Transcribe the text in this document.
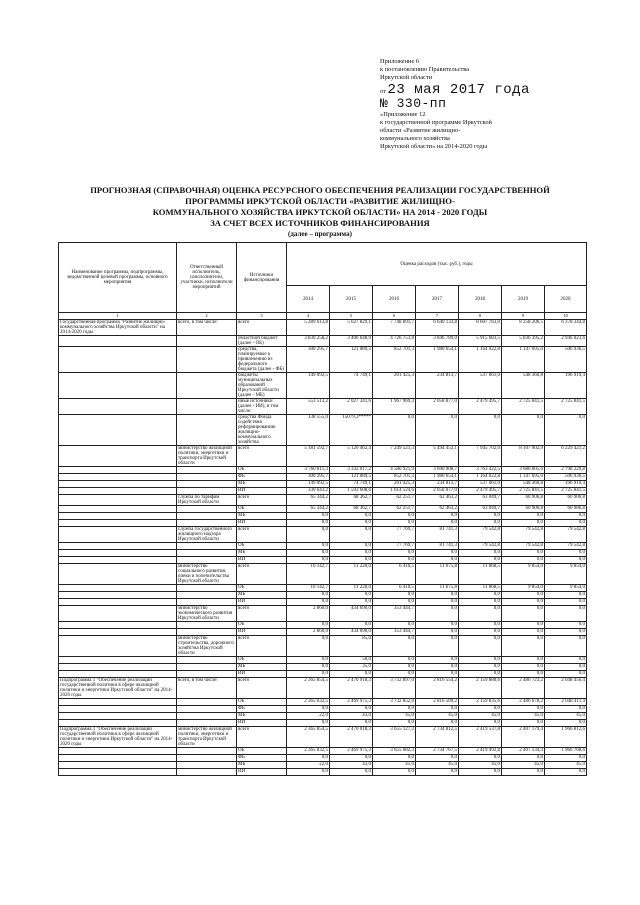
Приложение 6
к постановлению Правительства
Иркутской области
от 23 мая 2017 года
№ 330-пп
«Приложение 12
к государственной программе Иркутской
области «Развитие жилищно-
коммунального хозяйства
Иркутской области» на 2014-2020 годы
ПРОГНОЗНАЯ (СПРАВОЧНАЯ) ОЦЕНКА РЕСУРСНОГО ОБЕСПЕЧЕНИЯ РЕАЛИЗАЦИИ ГОСУДАРСТВЕННОЙ
ПРОГРАММЫ ИРКУТСКОЙ ОБЛАСТИ «РАЗВИТИЕ ЖИЛИЩНО-
КОММУНАЛЬНОГО ХОЗЯЙСТВА ИРКУТСКОЙ ОБЛАСТИ» НА 2014 - 2020 ГОДЫ
ЗА СЧЕТ ВСЕХ ИСТОЧНИКОВ ФИНАНСИРОВАНИЯ
(далее – программа)
Наименование программы, подпрограммы, ведомственной целевой программы, основного мероприятия	Ответственный исполнитель, соисполнители, участники, исполнители мероприятий	Источники финансирования	Оценка расходов (тыс. руб.), годы						
			2014	2015	2016	2017	2018	2019	2020
1	2	3	4	5	6	7	8	9	10
Государственная программа "Развитие жилищно-коммунального хозяйства Иркутской области" на 2014-2020 годы	всего, в том числе:	всего	5 289 613,8	5 627 829,1	7 748 891,7	6 640 133,8	8 607 763,0	8 258 206,5	6 378 344,8
		областной бюджет (далее - ОБ)	3 830 258,2	3 406 648,9	4 726 753,8	3 846 789,0	5 915 683,5	5 836 395,2	2 946 023,6
		средства, планируемые к привлечению из федерального бюджета (далее - ФБ)	300 295,7	121 089,5	852 701,3	1 980 654,1	1 164 022,8	1 147 695,0	506 936,5
		бюджеты муниципальных образований Иркутской области (далее - МБ)	149 092,5	74 749,1	201 425,3	234 813,7	537 061,0	548 360,8	196 919,4
		иные источники (далее - ИИ), в том числе:	553 513,2	2 027 341,6	1 967 969,3	2 058 877,0	2 479 495,7	2 725 841,5	2 725 841,5
		средства Фонда содействия реформированию жилищно-коммунального хозяйства	138 555,0	15079,3*****	0,0	0,0	0,0	0,0	0,0
	министерство жилищной политики, энергетики и транспорта Иркутской области	всего	5 181 592,7	5 120 462,4	7 249 521,3	5 494 453,1	7 945 702,0	8 107 902,9	6 229 421,2
		ОБ	3 760 811,3	3 332 017,2	4 580 921,9	3 690 908,7	3 763 422,5	3 686 005,6	2 798 229,8
		ФБ	300 295,7	121 089,5	852 701,3	1 980 654,1	1 164 022,8	1 147 695,0	506 936,5
		МБ	149 092,5	74 749,1	201 425,3	234 813,7	537 061,0	548 360,8	196 919,4
		ИИ	330 643,2	1 592 608,6	1 614 524,6	2 058 077,0	2 479 495,7	2 725 841,5	2 725 841,5
	служба по тарифам Иркутской области	всего	65 344,2	68 362,7	62 251,7	62 463,2	63 049,7	60 906,8	60 906,8
		ОБ	65 344,2	68 362,7	62 251,7	62 463,2	63 049,7	60 906,8	60 906,8
		МБ	0,0	0,0	0,0	0,0	0,0	0,0	0,0
		ИИ	0,0	0,0	0,0	0,0	0,0	0,0	0,0
	служба государственного жилищного надзора Иркутской области	всего	0,0	0,0	77 769,7	81 741,3	79 542,8	79 542,8	79 542,8
		ОБ	0,0	0,0	77 769,7	81 741,3	79 542,8	79 542,8	79 542,8
		МБ	0,0	0,0	0,0	0,0	0,0	0,0	0,0
		ИИ	0,0	0,0	0,0	0,0	0,0	0,0	0,0
	министерство социального развития, опеки и попечительства Иркутской области	всего	10 142,7	11 220,0	6 410,5	11 675,8	11 868,5	9 854,0	9 854,0
		ОБ	10 142,7	11 220,0	6 410,5	11 675,8	11 868,5	9 854,0	9 854,0
		МБ	0,0	0,0	0,0	0,0	0,0	0,0	0,0
		ИИ	0,0	0,0	0,0	0,0	0,0	0,0	0,0
	министерство экономического развития Иркутской области	всего	2 860,0	434 690,0	353 444,7	0,0	0,0	0,0	0,0
		ОБ	0,0	0,0	0,0	0,0	0,0	0,0	0,0
		ИИ	2 860,0	434 690,0	353 444,7	0,0	0,0	0,0	0,0
	министерство строительства, дорожного хозяйства Иркутской области	всего	0,0	85,0	0,0	0,0	0,0	0,0	0,0
		ОБ	0,0	50,0	0,0	0,0	0,0	0,0	0,0
		МБ	0,0	35,0	0,0	0,0	0,0	0,0	0,0
		ИИ	0,0	0,0	0,0	0,0	0,0	0,0	0,0
Подпрограмма 1 "Обеспечение реализации государственной политики в сфере жилищной политики и энергетики Иркутской области" на 2014-2020 годы	всего, в том числе:	всего	2 365 854,5	2 470 918,3	3 732 897,0	2 816 554,2	2 159 880,6	2 486 723,2	2 048 456,4
		ОБ	2 365 032,5	2 469 975,3	3 732 852,0	2 816 509,2	2 159 835,6	2 486 678,2	2 048 411,4
		ФБ	0,0	0,0	0,0	0,0	0,0	0,0	0,0
		МБ	22,0	43,0	45,0	45,0	45,0	45,0	45,0
		ИИ	0,0	0,0	0,0	0,0	0,0	0,0	0,0
Подпрограмма 1 "Обеспечение реализации государственной политики в сфере жилищной политики и энергетики Иркутской области" на 2014-2020 годы	министерство жилищной политики, энергетики и транспорта Иркутской области	всего	2 365 854,5	2 470 018,3	3 655 127,3	2 734 812,5	2 419 537,8	2 407 179,4	1 966 812,6
		ОБ	2 365 832,5	2 469 975,3	3 655 082,3	2 734 767,5	2 419 492,8	2 407 134,4	1 966 768,6
		ФБ	0,0	0,0	0,0	0,0	0,0	0,0	0,0
		МБ	22,0	43,0	45,0	45,0	45,0	45,0	45,0
		ИИ	0,0	0,0	0,0	0,0	0,0	0,0	0,0
